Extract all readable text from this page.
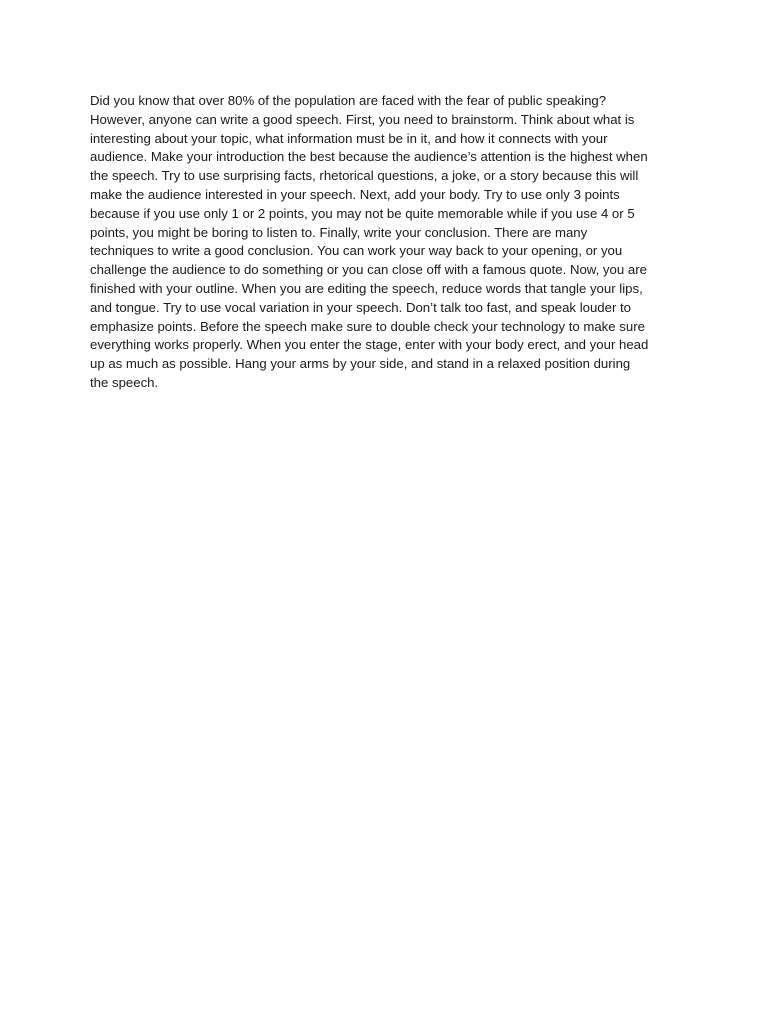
Did you know that over 80% of the population are faced with the fear of public speaking?
However, anyone can write a good speech. First, you need to brainstorm. Think about what is
interesting about your topic, what information must be in it, and how it connects with your
audience. Make your introduction the best because the audience’s attention is the highest when
the speech. Try to use surprising facts, rhetorical questions, a joke, or a story because this will
make the audience interested in your speech. Next, add your body. Try to use only 3 points
because if you use only 1 or 2 points, you may not be quite memorable while if you use 4 or 5
points, you might be boring to listen to. Finally, write your conclusion. There are many
techniques to write a good conclusion. You can work your way back to your opening, or you
challenge the audience to do something or you can close off with a famous quote. Now, you are
finished with your outline. When you are editing the speech, reduce words that tangle your lips,
and tongue. Try to use vocal variation in your speech. Don’t talk too fast, and speak louder to
emphasize points. Before the speech make sure to double check your technology to make sure
everything works properly. When you enter the stage, enter with your body erect, and your head
up as much as possible. Hang your arms by your side, and stand in a relaxed position during
the speech.
